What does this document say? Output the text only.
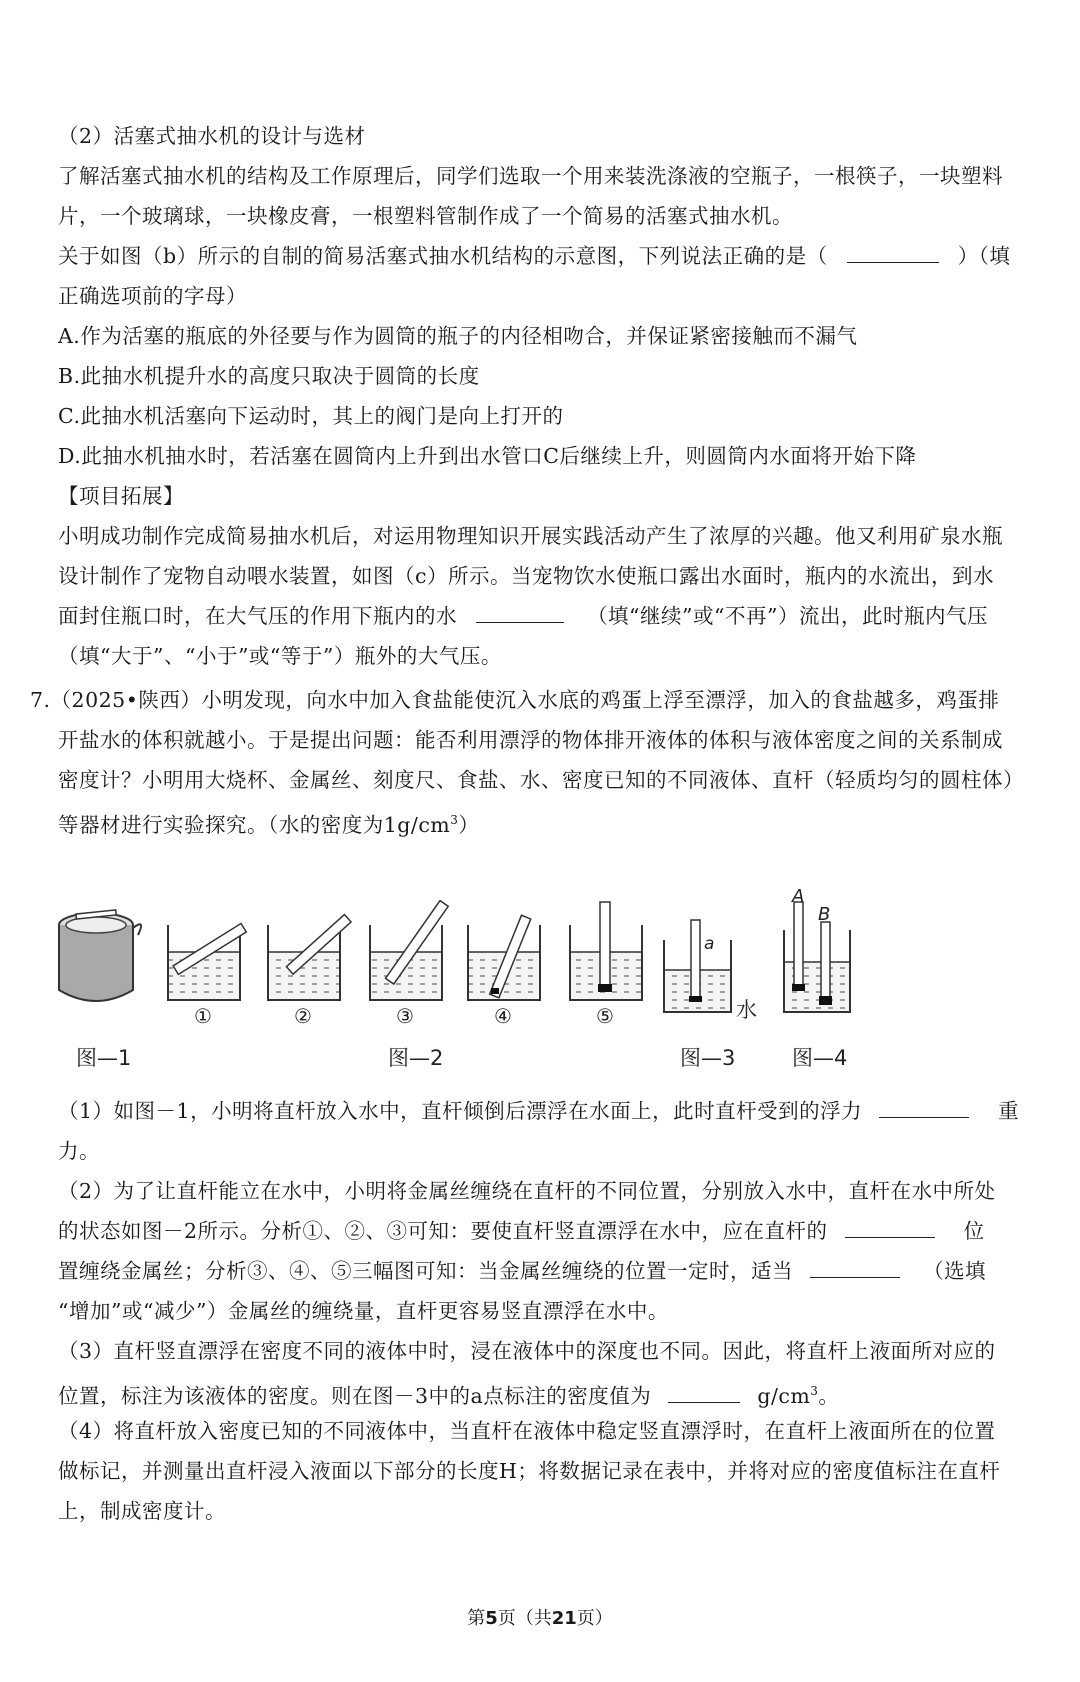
（2）活塞式抽水机的设计与选材
了解活塞式抽水机的结构及工作原理后，同学们选取一个用来装洗涤液的空瓶子，一根筷子，一块塑料
片，一个玻璃球，一块橡皮膏，一根塑料管制作成了一个简易的活塞式抽水机。
关于如图（b）所示的自制的简易活塞式抽水机结构的示意图，下列说法正确的是（	）（填
正确选项前的字母）
A.作为活塞的瓶底的外径要与作为圆筒的瓶子的内径相吻合，并保证紧密接触而不漏气
B.此抽水机提升水的高度只取决于圆筒的长度
C.此抽水机活塞向下运动时，其上的阀门是向上打开的
D.此抽水机抽水时，若活塞在圆筒内上升到出水管口C后继续上升，则圆筒内水面将开始下降
【项目拓展】
小明成功制作完成简易抽水机后，对运用物理知识开展实践活动产生了浓厚的兴趣。他又利用矿泉水瓶
设计制作了宠物自动喂水装置，如图（c）所示。当宠物饮水使瓶口露出水面时，瓶内的水流出，到水
面封住瓶口时，在大气压的作用下瓶内的水	（填“继续”或“不再”）流出，此时瓶内气压
（填“大于”、“小于”或“等于”）瓶外的大气压。
7.（2025•陕西）小明发现，向水中加入食盐能使沉入水底的鸡蛋上浮至漂浮，加入的食盐越多，鸡蛋排
开盐水的体积就越小。于是提出问题：能否利用漂浮的物体排开液体的体积与液体密度之间的关系制成
密度计？小明用大烧杯、金属丝、刻度尺、食盐、水、密度已知的不同液体、直杆（轻质均匀的圆柱体）
等器材进行实验探究。（水的密度为$1g/cm^3$）
①	②	③	④	⑤
a
水
A
B
图—1	图—2	图—3	图—4
（1）如图－1，小明将直杆放入水中，直杆倾倒后漂浮在水面上，此时直杆受到的浮力	重
力。
（2）为了让直杆能立在水中，小明将金属丝缠绕在直杆的不同位置，分别放入水中，直杆在水中所处
的状态如图－2所示。分析①、②、③可知：要使直杆竖直漂浮在水中，应在直杆的	位
置缠绕金属丝；分析③、④、⑤三幅图可知：当金属丝缠绕的位置一定时，适当	（选填
“增加”或“减少”）金属丝的缠绕量，直杆更容易竖直漂浮在水中。
（3）直杆竖直漂浮在密度不同的液体中时，浸在液体中的深度也不同。因此，将直杆上液面所对应的
位置，标注为该液体的密度。则在图－3中的a点标注的密度值为	$g/cm^3$。
（4）将直杆放入密度已知的不同液体中，当直杆在液体中稳定竖直漂浮时，在直杆上液面所在的位置
做标记，并测量出直杆浸入液面以下部分的长度H；将数据记录在表中，并将对应的密度值标注在直杆
上，制成密度计。
第5页（共21页）
